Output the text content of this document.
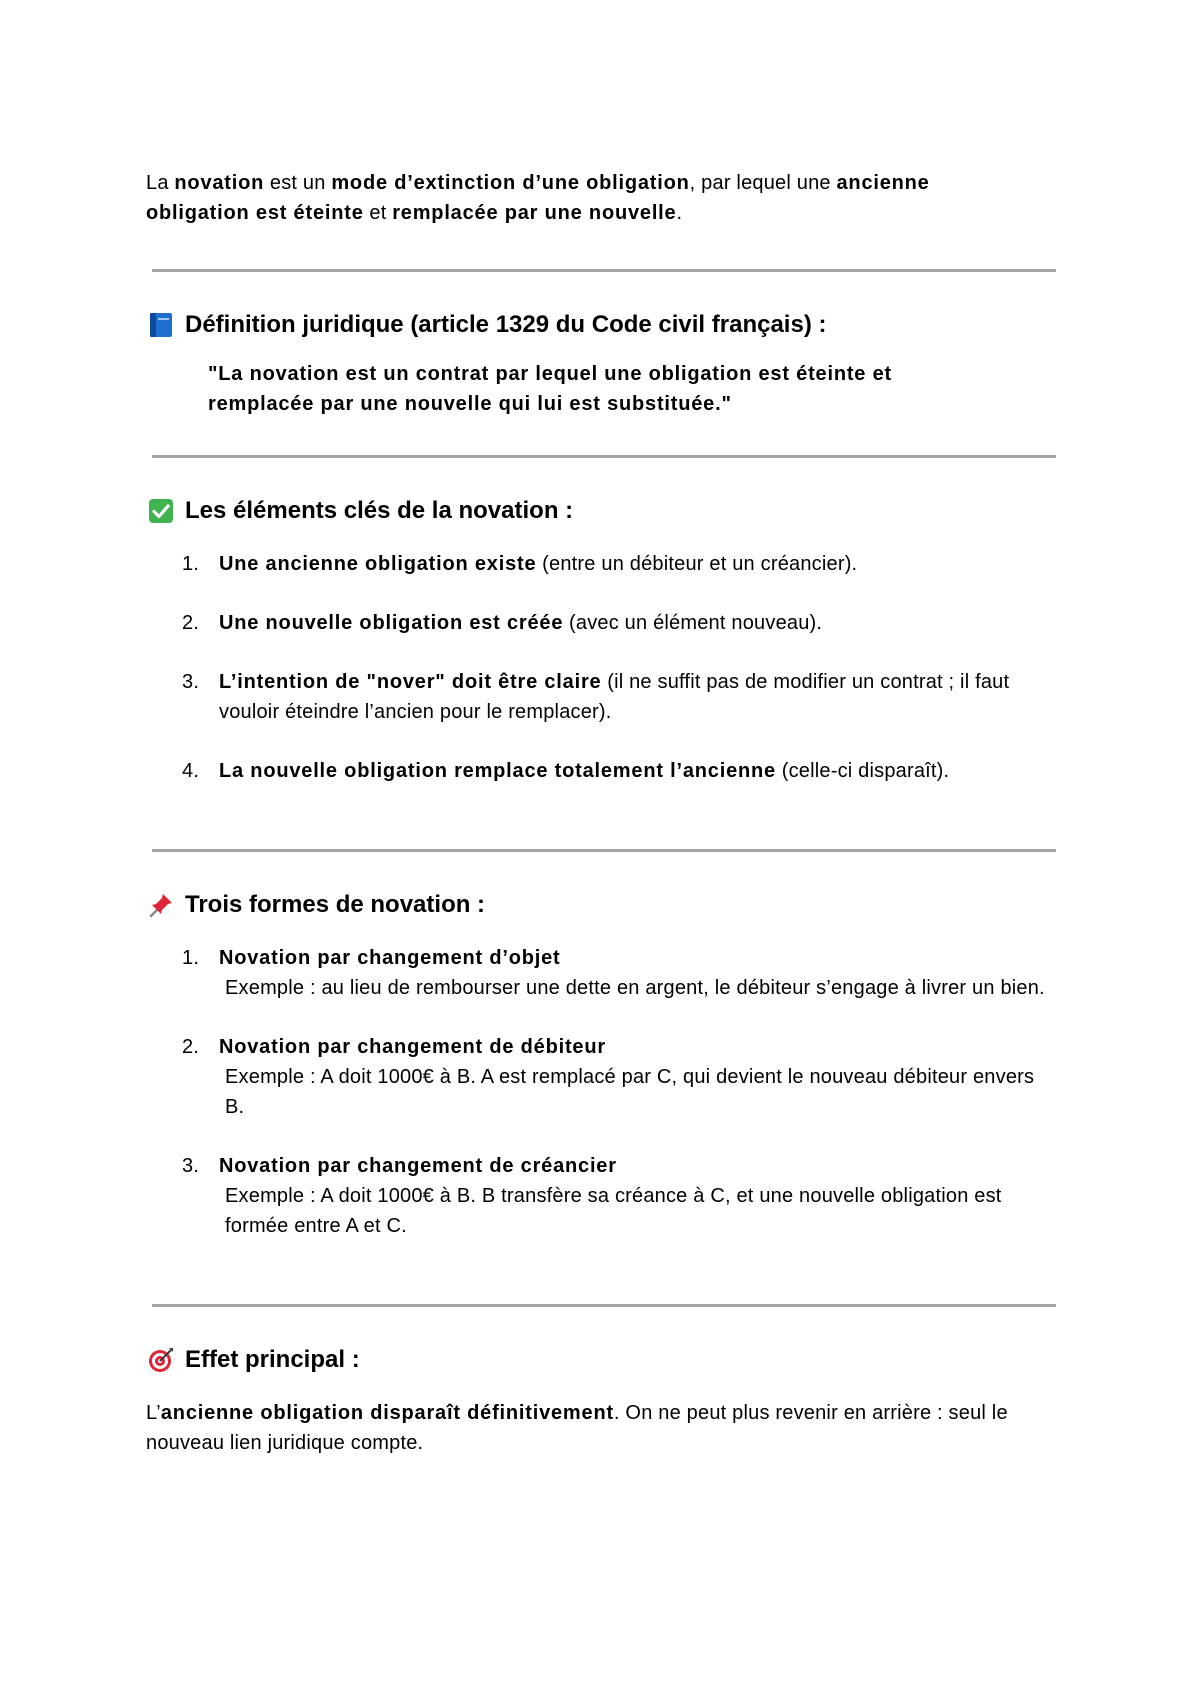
La novation est un mode d’extinction d’une obligation, par lequel une ancienne obligation est éteinte et remplacée par une nouvelle.

Définition juridique (article 1329 du Code civil français) :

"La novation est un contrat par lequel une obligation est éteinte et remplacée par une nouvelle qui lui est substituée."

Les éléments clés de la novation :
1. Une ancienne obligation existe (entre un débiteur et un créancier).
2. Une nouvelle obligation est créée (avec un élément nouveau).
3. L’intention de "nover" doit être claire (il ne suffit pas de modifier un contrat ; il faut vouloir éteindre l’ancien pour le remplacer).
4. La nouvelle obligation remplace totalement l’ancienne (celle-ci disparaît).
Trois formes de novation :
1. Novation par changement d’objet
Exemple : au lieu de rembourser une dette en argent, le débiteur s’engage à livrer un bien.
2. Novation par changement de débiteur
Exemple : A doit 1000€ à B. A est remplacé par C, qui devient le nouveau débiteur envers B.
3. Novation par changement de créancier
Exemple : A doit 1000€ à B. B transfère sa créance à C, et une nouvelle obligation est formée entre A et C.
Effet principal :

L’ancienne obligation disparaît définitivement. On ne peut plus revenir en arrière : seul le nouveau lien juridique compte.
